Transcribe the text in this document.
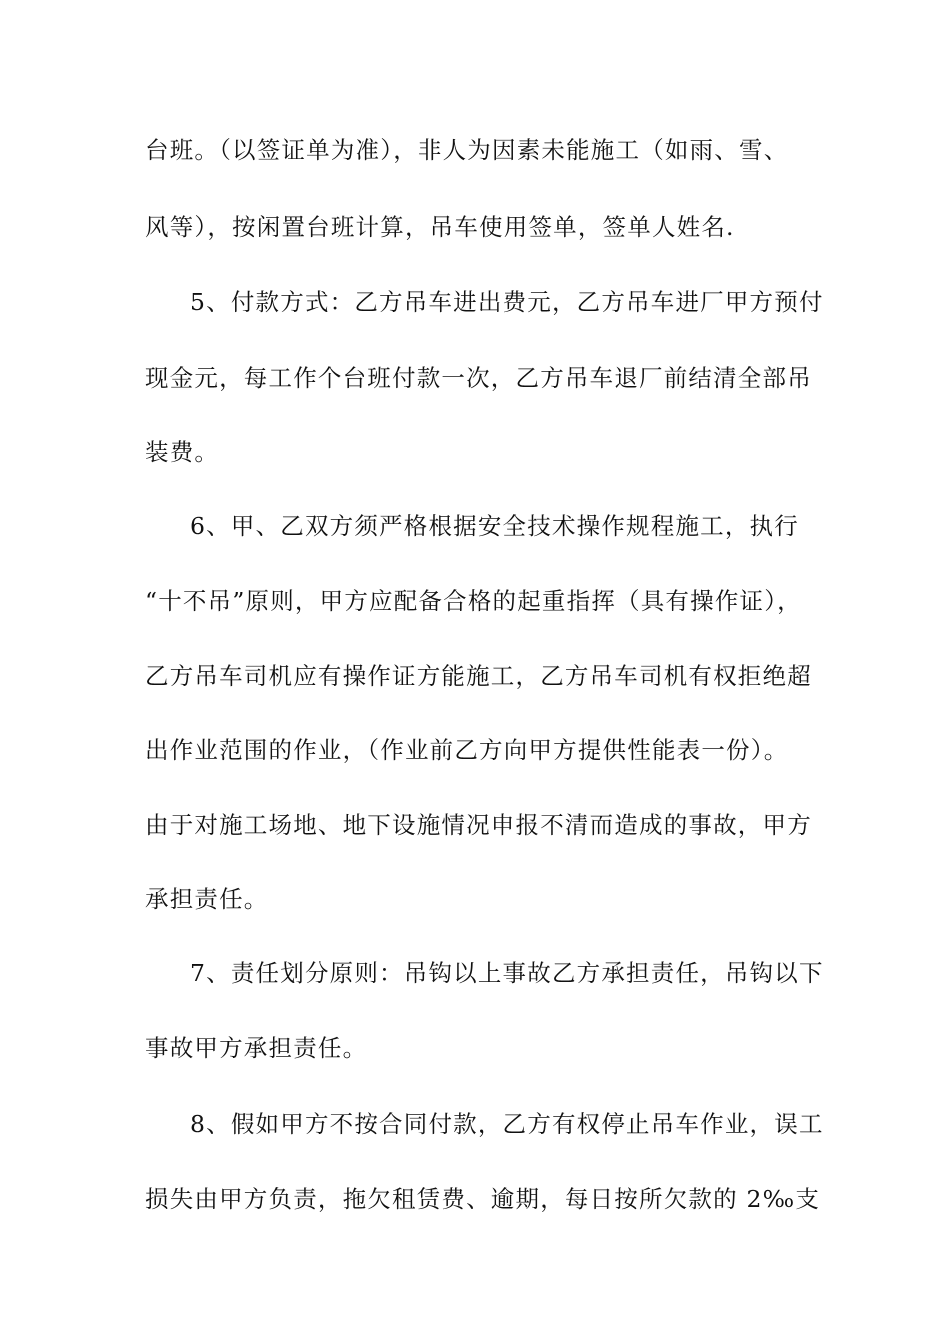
台班。（以签证单为准），非人为因素未能施工（如雨、雪、
风等），按闲置台班计算，吊车使用签单，签单人姓名.
5、付款方式：乙方吊车进出费元，乙方吊车进厂甲方预付
现金元，每工作个台班付款一次，乙方吊车退厂前结清全部吊
装费。
6、甲、乙双方须严格根据安全技术操作规程施工，执行
“十不吊”原则，甲方应配备合格的起重指挥（具有操作证），
乙方吊车司机应有操作证方能施工，乙方吊车司机有权拒绝超
出作业范围的作业，（作业前乙方向甲方提供性能表一份）。
由于对施工场地、地下设施情况申报不清而造成的事故，甲方
承担责任。
7、责任划分原则：吊钩以上事故乙方承担责任，吊钩以下
事故甲方承担责任。
8、假如甲方不按合同付款，乙方有权停止吊车作业，误工
损失由甲方负责，拖欠租赁费、逾期，每日按所欠款的 2‰支
